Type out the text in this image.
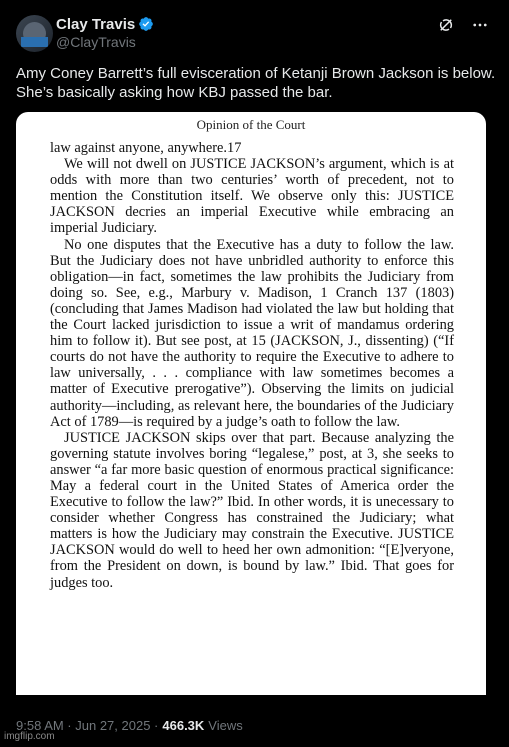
Clay Travis
@ClayTravis
Amy Coney Barrett’s full evisceration of Ketanji Brown Jackson is below. She’s basically asking how KBJ passed the bar.
Opinion of the Court

law against anyone, anywhere.17

We will not dwell on JUSTICE JACKSON’s argument, which is at odds with more than two centuries’ worth of precedent, not to mention the Constitution itself. We observe only this: JUSTICE JACKSON decries an imperial Executive while embracing an imperial Judiciary.

No one disputes that the Executive has a duty to follow the law. But the Judiciary does not have unbridled authority to enforce this obligation—in fact, sometimes the law prohibits the Judiciary from doing so. See, e.g., Marbury v. Madison, 1 Cranch 137 (1803) (concluding that James Madison had violated the law but holding that the Court lacked jurisdiction to issue a writ of mandamus ordering him to follow it). But see post, at 15 (JACKSON, J., dissenting) (“If courts do not have the authority to require the Executive to adhere to law universally, . . . compliance with law sometimes becomes a matter of Executive prerogative”). Observing the limits on judicial authority—including, as relevant here, the boundaries of the Judiciary Act of 1789—is required by a judge’s oath to follow the law.

JUSTICE JACKSON skips over that part. Because analyzing the governing statute involves boring “legalese,” post, at 3, she seeks to answer “a far more basic question of enormous practical significance: May a federal court in the United States of America order the Executive to follow the law?” Ibid. In other words, it is unecessary to consider whether Congress has constrained the Judiciary; what matters is how the Judiciary may constrain the Executive. JUSTICE JACKSON would do well to heed her own admonition: “[E]veryone, from the President on down, is bound by law.” Ibid. That goes for judges too.

9:58 AM · Jun 27, 2025 · 466.3K Views
imgflip.com
